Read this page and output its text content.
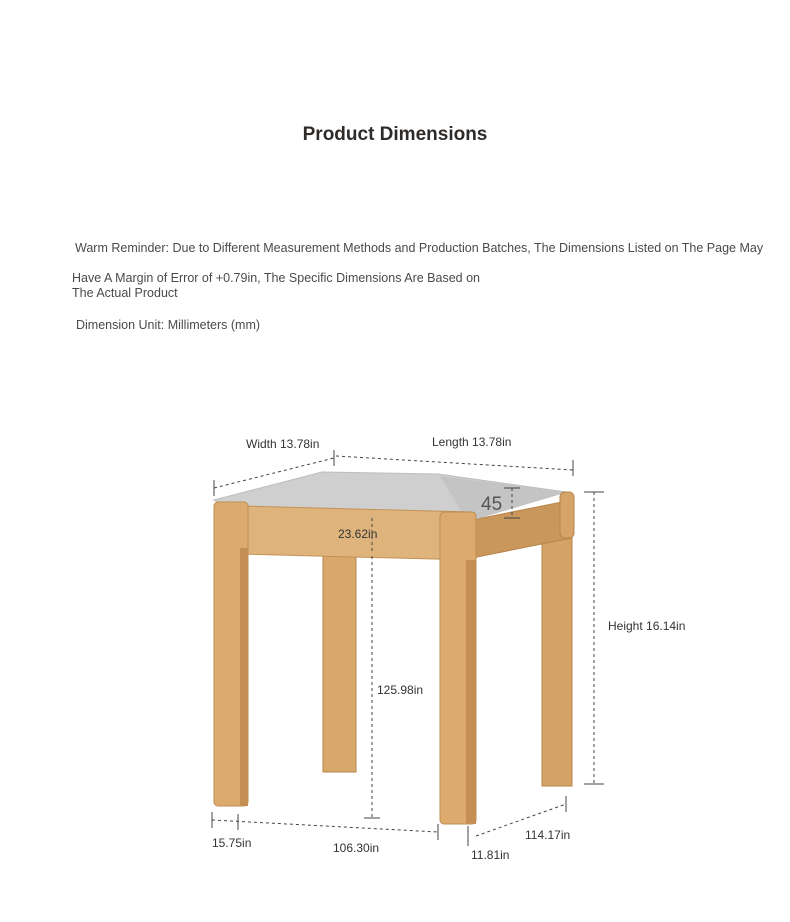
Product Dimensions
Warm Reminder: Due to Different Measurement Methods and Production Batches, The Dimensions Listed on The Page May
Have A Margin of Error of +0.79in, The Specific Dimensions Are Based on
The Actual Product
Dimension Unit: Millimeters (mm)
Width 13.78in	Length 13.78in
Height 16.14in
45
23.62in
125.98in
15.75in	106.30in
114.17in
11.81in
